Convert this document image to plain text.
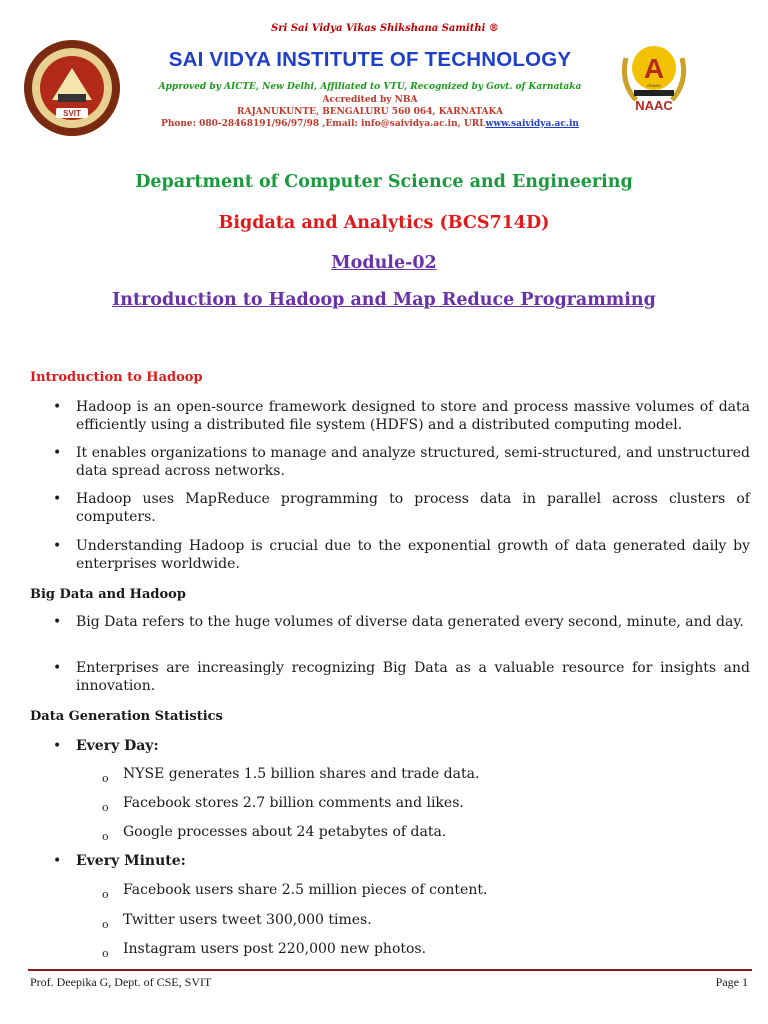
SVIT
Sri Sai Vidya Vikas Shikshana Samithi ®
SAI VIDYA INSTITUTE OF TECHNOLOGY
Approved by AICTE, New Delhi, Affiliated to VTU, Recognized by Govt. of Karnataka
Accredited by NBA
RAJANUKUNTE, BENGALURU 560 064, KARNATAKA
Phone: 080-28468191/96/97/98 ,Email: info@saividya.ac.in, URLwww.saividya.ac.in
A
GRADE
NAAC
Department of Computer Science and Engineering
Bigdata and Analytics (BCS714D)
Module-02
Introduction to Hadoop and Map Reduce Programming
Introduction to Hadoop
• Hadoop is an open-source framework designed to store and process massive volumes of data efficiently using a distributed file system (HDFS) and a distributed computing model.
• It enables organizations to manage and analyze structured, semi-structured, and unstructured data spread across networks.
• Hadoop uses MapReduce programming to process data in parallel across clusters of computers.
• Understanding Hadoop is crucial due to the exponential growth of data generated daily by enterprises worldwide.
Big Data and Hadoop
• Big Data refers to the huge volumes of diverse data generated every second, minute, and day.
• Enterprises are increasingly recognizing Big Data as a valuable resource for insights and innovation.
Data Generation Statistics
• Every Day:
o NYSE generates 1.5 billion shares and trade data.
o Facebook stores 2.7 billion comments and likes.
o Google processes about 24 petabytes of data.
• Every Minute:
o Facebook users share 2.5 million pieces of content.
o Twitter users tweet 300,000 times.
o Instagram users post 220,000 new photos.
Prof. Deepika G, Dept. of CSE, SVIT	Page 1
